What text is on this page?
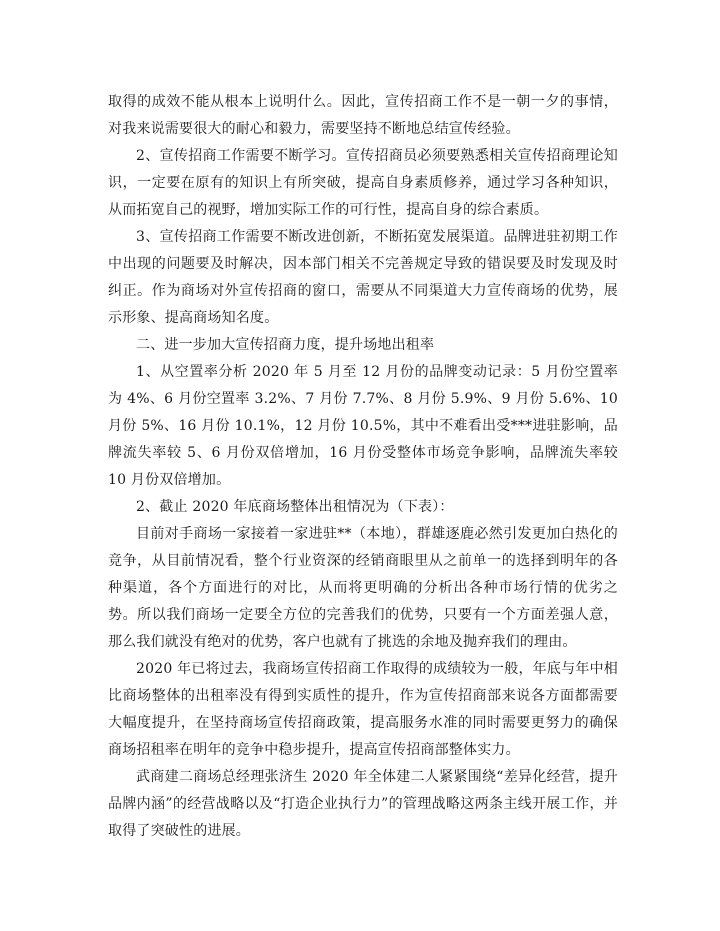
取得的成效不能从根本上说明什么。因此，宣传招商工作不是一朝一夕的事情，对我来说需要很大的耐心和毅力，需要坚持不断地总结宣传经验。

2、宣传招商工作需要不断学习。宣传招商员必须要熟悉相关宣传招商理论知识，一定要在原有的知识上有所突破，提高自身素质修养，通过学习各种知识，从而拓宽自己的视野，增加实际工作的可行性，提高自身的综合素质。

3、宣传招商工作需要不断改进创新，不断拓宽发展渠道。品牌进驻初期工作中出现的问题要及时解决，因本部门相关不完善规定导致的错误要及时发现及时纠正。作为商场对外宣传招商的窗口，需要从不同渠道大力宣传商场的优势，展示形象、提高商场知名度。

二、进一步加大宣传招商力度，提升场地出租率

1、从空置率分析 2020 年 5 月至 12 月份的品牌变动记录：5 月份空置率为 4%、6 月份空置率 3.2%、7 月份 7.7%、8 月份 5.9%、9 月份 5.6%、10 月份 5%、16 月份 10.1%，12 月份 10.5%，其中不难看出受***进驻影响，品牌流失率较 5、6 月份双倍增加，16 月份受整体市场竞争影响，品牌流失率较 10 月份双倍增加。

2、截止 2020 年底商场整体出租情况为（下表）：

目前对手商场一家接着一家进驻**（本地），群雄逐鹿必然引发更加白热化的竞争，从目前情况看，整个行业资深的经销商眼里从之前单一的选择到明年的各种渠道，各个方面进行的对比，从而将更明确的分析出各种市场行情的优劣之势。所以我们商场一定要全方位的完善我们的优势，只要有一个方面差强人意，那么我们就没有绝对的优势，客户也就有了挑选的余地及抛弃我们的理由。

2020 年已将过去，我商场宣传招商工作取得的成绩较为一般，年底与年中相比商场整体的出租率没有得到实质性的提升，作为宣传招商部来说各方面都需要大幅度提升，在坚持商场宣传招商政策，提高服务水准的同时需要更努力的确保商场招租率在明年的竞争中稳步提升，提高宣传招商部整体实力。

武商建二商场总经理张济生 2020 年全体建二人紧紧围绕“差异化经营，提升品牌内涵”的经营战略以及“打造企业执行力”的管理战略这两条主线开展工作，并取得了突破性的进展。
